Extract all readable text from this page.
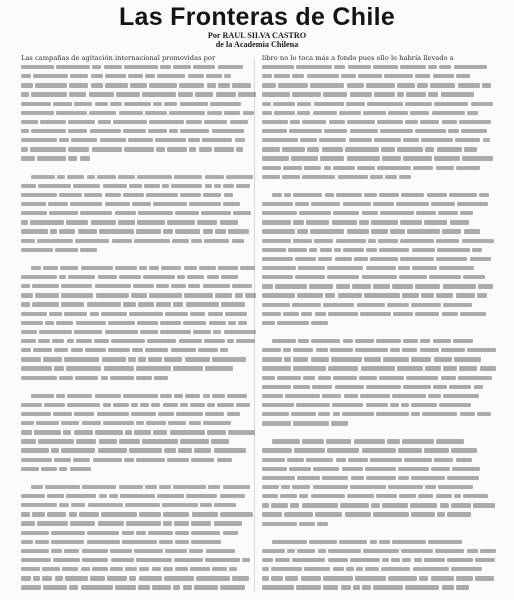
Las Fronteras de Chile
Por RAUL SILVA CASTRO
de la Academia Chilena
Las campañas de agitación internacional promovidas por	libro no lo toca más a fondo pues ello le habría llevado a
